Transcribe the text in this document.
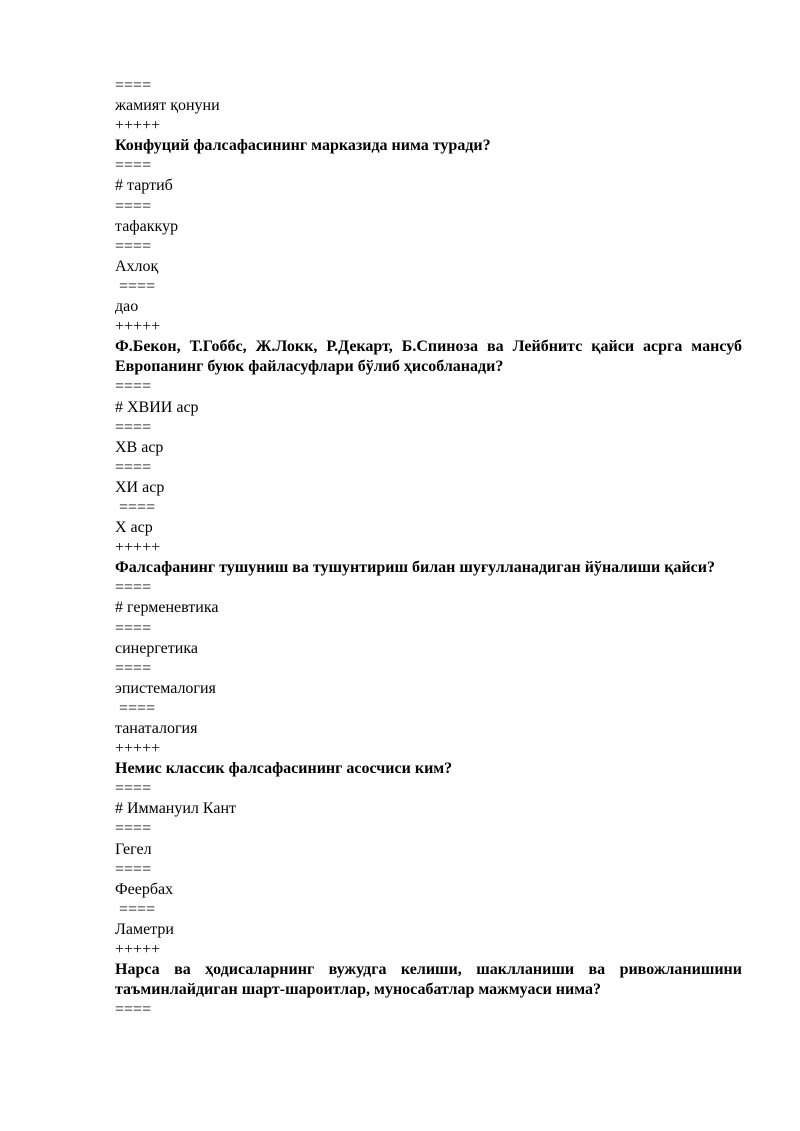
====

жамият қонуни

+++++

Конфуций фалсафасининг марказида нима туради?

====

# тартиб

====

тафаккур

====

Ахлоқ

====

дао

+++++

Ф.Бекон, Т.Гоббс, Ж.Локк, Р.Декарт, Б.Спиноза ва Лейбнитс қайси асрга мансуб Европанинг буюк файласуфлари бўлиб ҳисобланади?

====

# ХВИИ аср

====

ХВ аср

====

ХИ аср

====

Х аср

+++++

Фалсафанинг тушуниш ва тушунтириш билан шуғулланадиган йўналиши қайси?

====

# герменевтика

====

синергетика

====

эпистемалогия

====

танаталогия

+++++

Немис классик фалсафасининг асосчиси ким?

====

# Иммануил Кант

====

Гегел

====

Феербах

====

Ламетри

+++++

Нарса ва ҳодисаларнинг вужудга келиши, шаклланиши ва ривожланишини таъминлайдиган шарт-шароитлар, муносабатлар мажмуаси нима?

====
